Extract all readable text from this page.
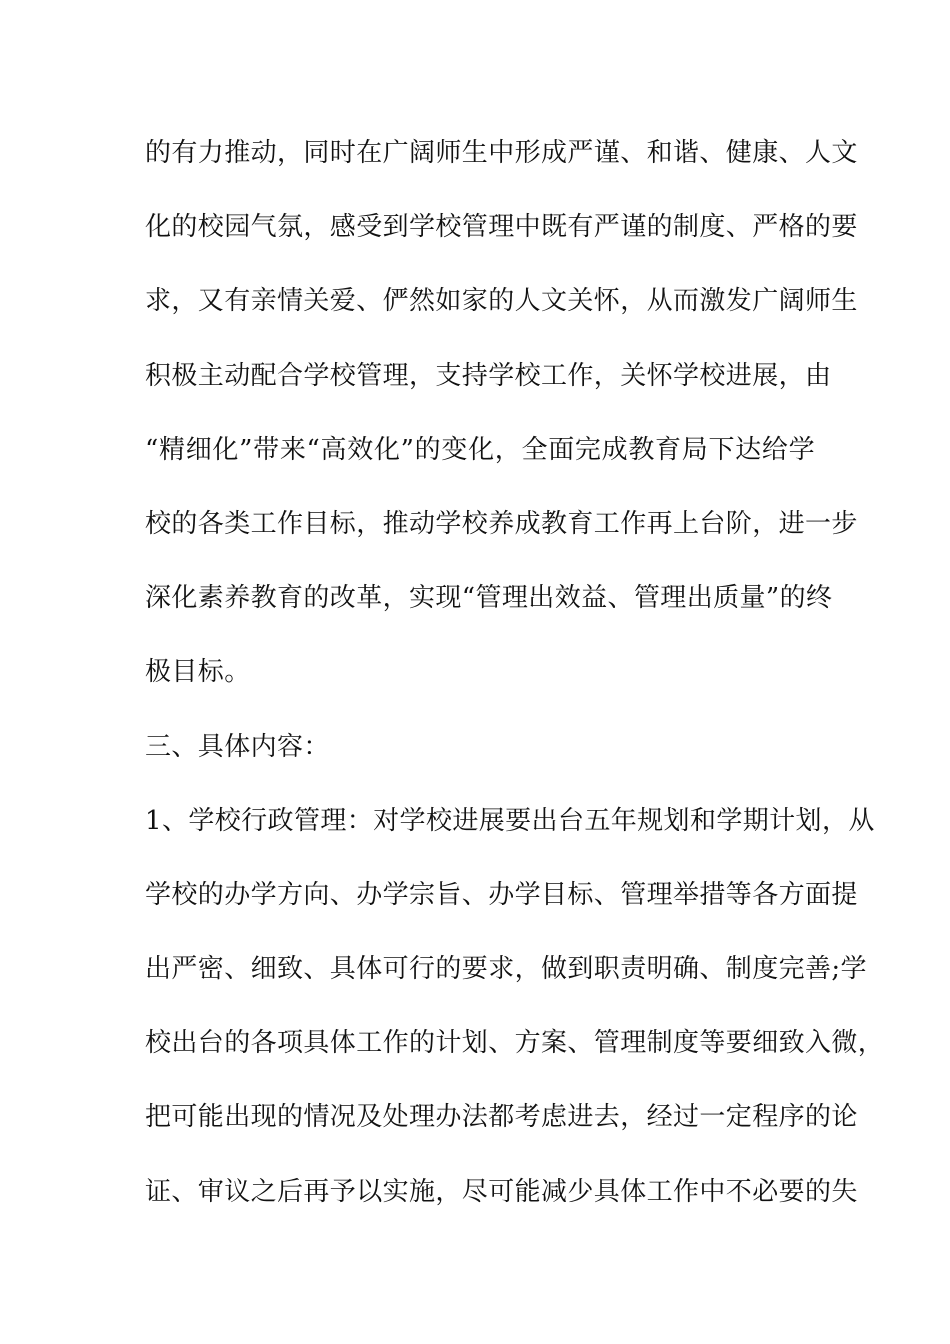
的有力推动，同时在广阔师生中形成严谨、和谐、健康、人文
化的校园气氛，感受到学校管理中既有严谨的制度、严格的要
求，又有亲情关爱、俨然如家的人文关怀，从而激发广阔师生
积极主动配合学校管理，支持学校工作，关怀学校进展，由
“精细化”带来“高效化”的变化，全面完成教育局下达给学
校的各类工作目标，推动学校养成教育工作再上台阶，进一步
深化素养教育的改革，实现“管理出效益、管理出质量”的终
极目标。
三、具体内容：
1、学校行政管理：对学校进展要出台五年规划和学期计划，从
学校的办学方向、办学宗旨、办学目标、管理举措等各方面提
出严密、细致、具体可行的要求，做到职责明确、制度完善;学
校出台的各项具体工作的计划、方案、管理制度等要细致入微，
把可能出现的情况及处理办法都考虑进去，经过一定程序的论
证、审议之后再予以实施，尽可能减少具体工作中不必要的失
